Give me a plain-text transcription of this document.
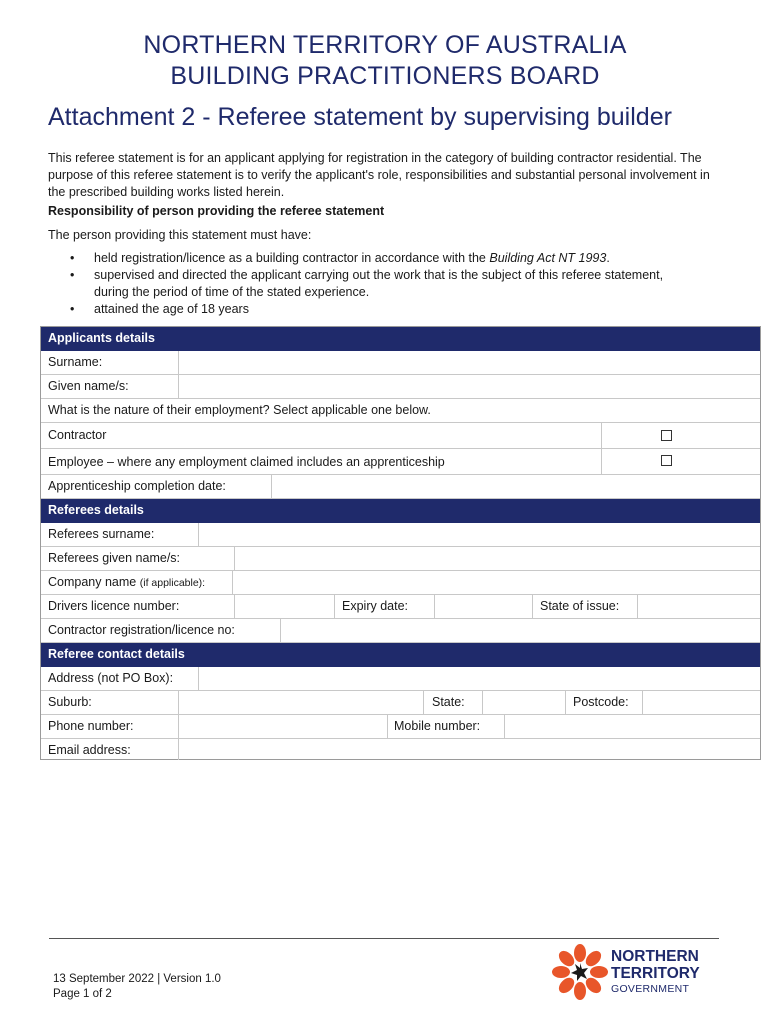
NORTHERN TERRITORY OF AUSTRALIA
BUILDING PRACTITIONERS BOARD
Attachment 2 - Referee statement by supervising builder
This referee statement is for an applicant applying for registration in the category of building contractor residential. The purpose of this referee statement is to verify the applicant's role, responsibilities and substantial personal involvement in the prescribed building works listed herein.
Responsibility of person providing the referee statement
The person providing this statement must have:
• held registration/licence as a building contractor in accordance with the Building Act NT 1993.
• supervised and directed the applicant carrying out the work that is the subject of this referee statement, during the period of time of the stated experience.
• attained the age of 18 years
Applicants details
Surname:
Given name/s:
What is the nature of their employment? Select applicable one below.
Contractor
Employee – where any employment claimed includes an apprenticeship
Apprenticeship completion date:
Referees details
Referees surname:
Referees given name/s:
Company name (if applicable):
Drivers licence number:	Expiry date:	State of issue:
Contractor registration/licence no:
Referee contact details
Address (not PO Box):
Suburb:	State:	Postcode:
Phone number:	Mobile number:
Email address:
13 September 2022 | Version 1.0
Page 1 of 2
NORTHERN
TERRITORY
GOVERNMENT
